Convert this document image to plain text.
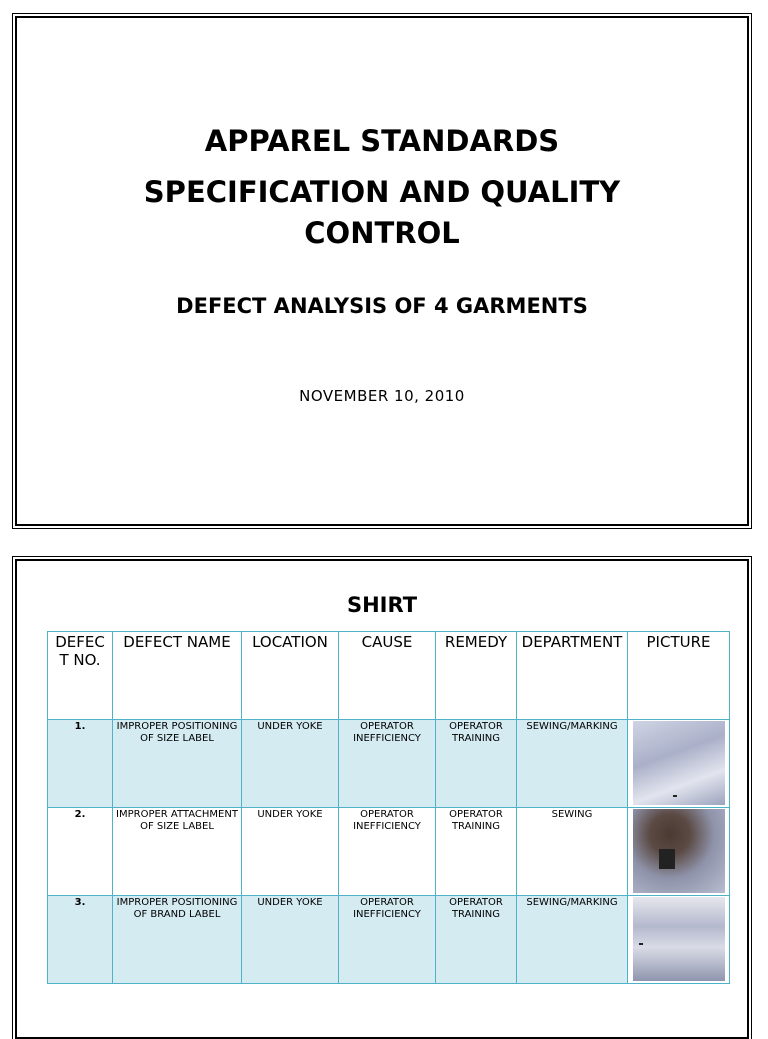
APPAREL STANDARDS
SPECIFICATION AND QUALITY CONTROL
DEFECT ANALYSIS OF 4 GARMENTS
NOVEMBER 10, 2010
SHIRT
DEFECT NO.	DEFECT NAME	LOCATION	CAUSE	REMEDY	DEPARTMENT	PICTURE
1.	IMPROPER POSITIONING OF SIZE LABEL	UNDER YOKE	OPERATOR INEFFICIENCY	OPERATOR TRAINING	SEWING/MARKING	

2.	IMPROPER ATTACHMENT OF SIZE LABEL	UNDER YOKE	OPERATOR INEFFICIENCY	OPERATOR TRAINING	SEWING	

3.	IMPROPER POSITIONING OF BRAND LABEL	UNDER YOKE	OPERATOR INEFFICIENCY	OPERATOR TRAINING	SEWING/MARKING	
